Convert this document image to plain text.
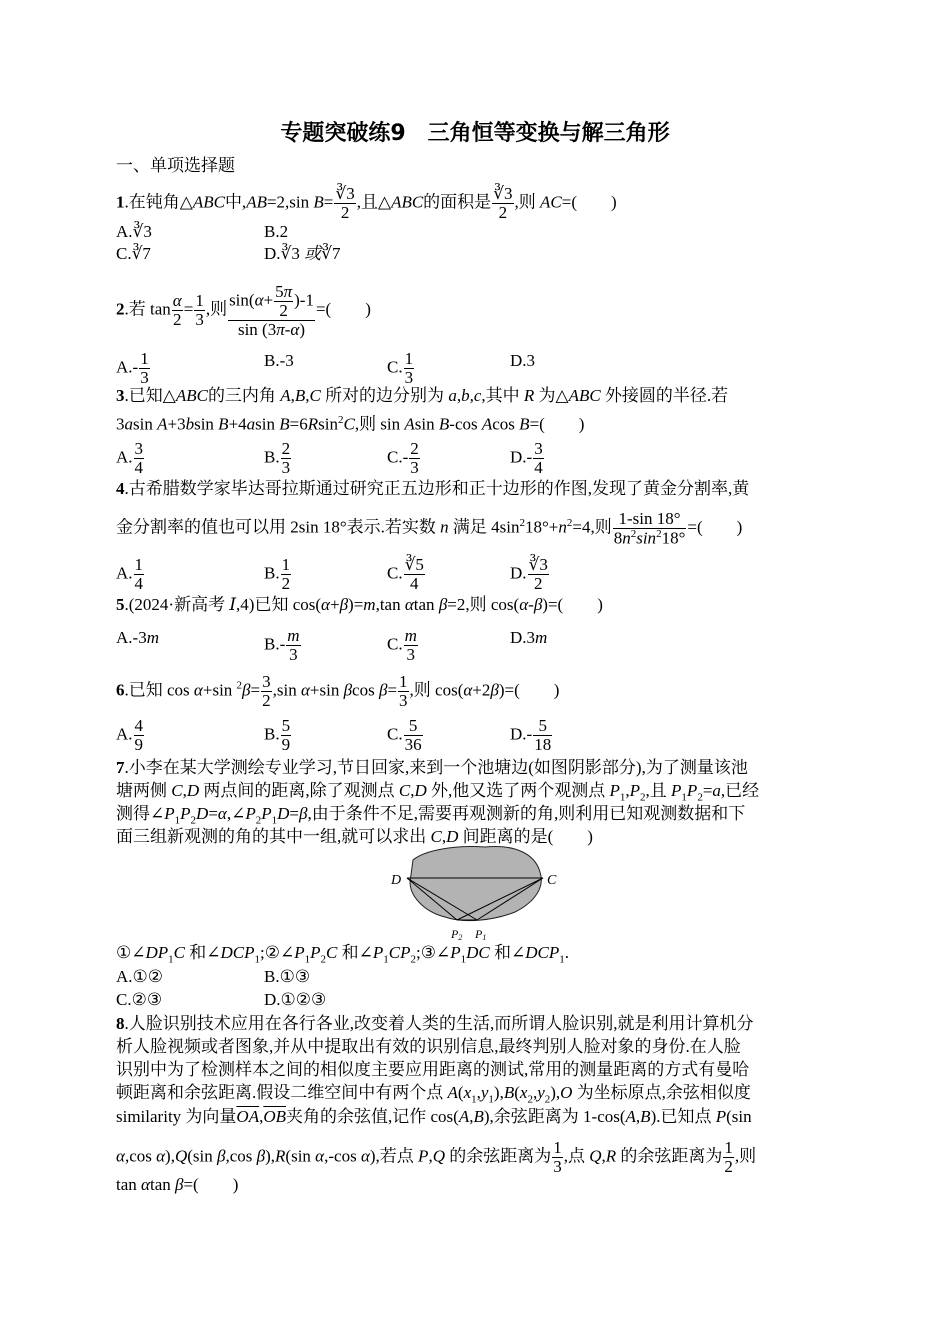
专题突破练9　三角恒等变换与解三角形
一、单项选择题
1.在钝角△ABC中,AB=2,sin $B= \frac{∛3}{2}$ ,且△ABC的面积是 $\frac{∛3}{2}$ ,则 AC=(　　)
A.∛3	B.2
C.∛7	D.∛3 或∛7
2.若 $\tan \frac{\alpha}{2} = \frac{1}{3}$ ,则 $\frac{\sin(\alpha+ \frac{5\pi}{2} )-1}{\sin (3\pi-\alpha)}$ =(　　)
$A.- \frac{1}{3}$	B.-3	C. $\frac{1}{3}$	D.3
3.已知△ABC的三内角 A,B,C 所对的边分别为 a,b,c,其中 R 为△ABC 外接圆的半径.若
3asin A+3bsin B+4asin B=6Rsin$^2$C,则 sin Asin B-cos Acos B=(　　)
A. $\frac{3}{4}$	B. $\frac{2}{3}$	$C.- \frac{2}{3}$	$D.- \frac{3}{4}$
4.古希腊数学家毕达哥拉斯通过研究正五边形和正十边形的作图,发现了黄金分割率,黄
金分割率的值也可以用 2sin 18°表示.若实数 n 满足 $4\sin^218^\circ+n^2=4$,则 $\frac{1-\sin 18^\circ}{8n^2\sin^218^\circ}$ =(　　)
A. $\frac{1}{4}$	B. $\frac{1}{2}$	C. $\frac{∛5}{4}$	D. $\frac{∛3}{2}$
5.(2024·新高考 Ⅰ,4)已知 cos(α+β)=m,tan αtan β=2,则 cos(α-β)=(　　)
A.-3m	$B.- \frac{m}{3}$	C. $\frac{m}{3}$	D.3m
6.已知 cos α+sin $^2\beta= \frac{3}{2} ,\sin$ α+sin βcos $\beta= \frac{1}{3}$ ,则 cos(α+2β)=(　　)
A. $\frac{4}{9}$	B. $\frac{5}{9}$	C. $\frac{5}{36}$	$D.- \frac{5}{18}$
7.小李在某大学测绘专业学习,节日回家,来到一个池塘边(如图阴影部分),为了测量该池
塘两侧 C,D 两点间的距离,除了观测点 C,D 外,他又选了两个观测点 $P_1,P_2$,且 $P_1P_2=a$,已经
测得$\angle P_1P_2D=\alpha,\angle P_2P_1D=\beta$,由于条件不足,需要再观测新的角,则利用已知观测数据和下
面三组新观测的角的其中一组,就可以求出 C,D 间距离的是(　　)
D	C
P2 P1
$①\angle DP_1C$ 和$\angle DCP_1;②\angle P_1P_2C$ 和$\angle P_1CP_2;③\angle P_1DC$ 和$\angle DCP_1$.
A.①②	B.①③
C.②③	D.①②③
8.人脸识别技术应用在各行各业,改变着人类的生活,而所谓人脸识别,就是利用计算机分
析人脸视频或者图象,并从中提取出有效的识别信息,最终判别人脸对象的身份.在人脸
识别中为了检测样本之间的相似度主要应用距离的测试,常用的测量距离的方式有曼哈
顿距离和余弦距离.假设二维空间中有两个点 $A(x_1,y_1),B(x_2,y_2),O$ 为坐标原点,余弦相似度
similarity 为向量$\overline{OA},\overline{OB}$夹角的余弦值,记作 cos(A,B),余弦距离为 1-cos(A,B).已知点 P(sin
α,cos α),Q(sin β,cos β),R(sin α,-cos α),若点 P,Q 的余弦距离为 $\frac{1}{3}$ ,点 Q,R 的余弦距离为 $\frac{1}{2}$ ,则
tan αtan β=(　　)
